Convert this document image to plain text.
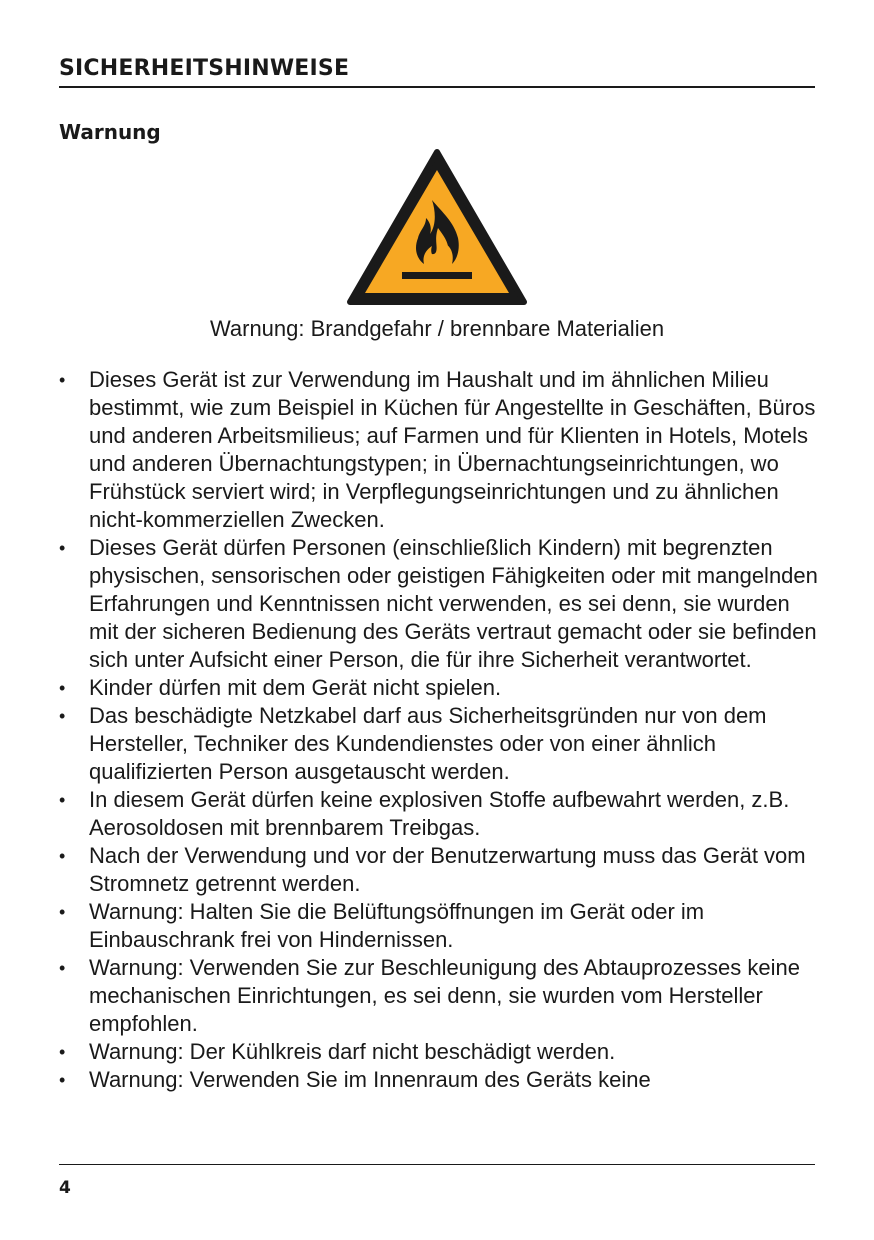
SICHERHEITSHINWEISE
Warnung
Warnung: Brandgefahr / brennbare Materialien
• Dieses Gerät ist zur Verwendung im Haushalt und im ähnlichen Milieu bestimmt, wie zum Beispiel in Küchen für Angestellte in Geschäften, Büros und anderen Arbeitsmilieus; auf Farmen und für Klienten in Hotels, Motels und anderen Übernachtungstypen; in Übernachtungseinrichtungen, wo Frühstück serviert wird; in Verpflegungseinrichtungen und zu ähnlichen nicht-kommerziellen Zwecken.
• Dieses Gerät dürfen Personen (einschließlich Kindern) mit begrenzten physischen, sensorischen oder geistigen Fähigkeiten oder mit mangelnden Erfahrungen und Kenntnissen nicht verwenden, es sei denn, sie wurden mit der sicheren Bedienung des Geräts vertraut gemacht oder sie befinden sich unter Aufsicht einer Person, die für ihre Sicherheit verantwortet.
• Kinder dürfen mit dem Gerät nicht spielen.
• Das beschädigte Netzkabel darf aus Sicherheitsgründen nur von dem Hersteller, Techniker des Kundendienstes oder von einer ähnlich qualifizierten Person ausgetauscht werden.
• In diesem Gerät dürfen keine explosiven Stoffe aufbewahrt werden, z.B. Aerosoldosen mit brennbarem Treibgas.
• Nach der Verwendung und vor der Benutzerwartung muss das Gerät vom Stromnetz getrennt werden.
• Warnung: Halten Sie die Belüftungsöffnungen im Gerät oder im Einbauschrank frei von Hindernissen.
• Warnung: Verwenden Sie zur Beschleunigung des Abtauprozesses keine mechanischen Einrichtungen, es sei denn, sie wurden vom Hersteller empfohlen.
• Warnung: Der Kühlkreis darf nicht beschädigt werden.
• Warnung: Verwenden Sie im Innenraum des Geräts keine
4
